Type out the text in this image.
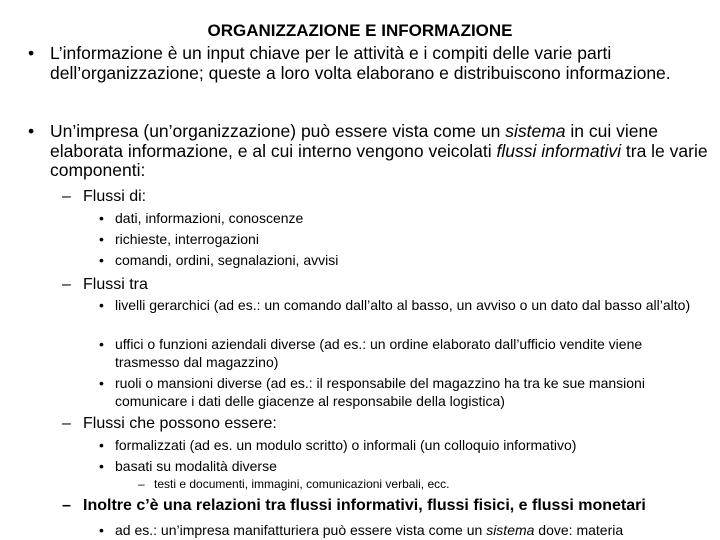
ORGANIZZAZIONE E INFORMAZIONE
• L’informazione è un input chiave per le attività e i compiti delle varie parti dell’organizzazione; queste a loro volta elaborano e distribuiscono informazione.
• Un’impresa (un’organizzazione) può essere vista come un sistema in cui viene elaborata informazione, e al cui interno vengono veicolati flussi informativi tra le varie componenti:
– Flussi di:
• dati, informazioni, conoscenze
• richieste, interrogazioni
• comandi, ordini, segnalazioni, avvisi
– Flussi tra
• livelli gerarchici (ad es.: un comando dall’alto al basso, un avviso o un dato dal basso all’alto)
• uffici o funzioni aziendali diverse (ad es.: un ordine elaborato dall’ufficio vendite viene trasmesso dal magazzino)
• ruoli o mansioni diverse (ad es.: il responsabile del magazzino ha tra ke sue mansioni comunicare i dati delle giacenze al responsabile della logistica)
– Flussi che possono essere:
• formalizzati (ad es. un modulo scritto) o informali (un colloquio informativo)
• basati su modalità diverse
– testi e documenti, immagini, comunicazioni verbali, ecc.
– Inoltre c’è una relazioni tra flussi informativi, flussi fisici, e flussi monetari
• ad es.: un’impresa manifatturiera può essere vista come un sistema dove: materia
